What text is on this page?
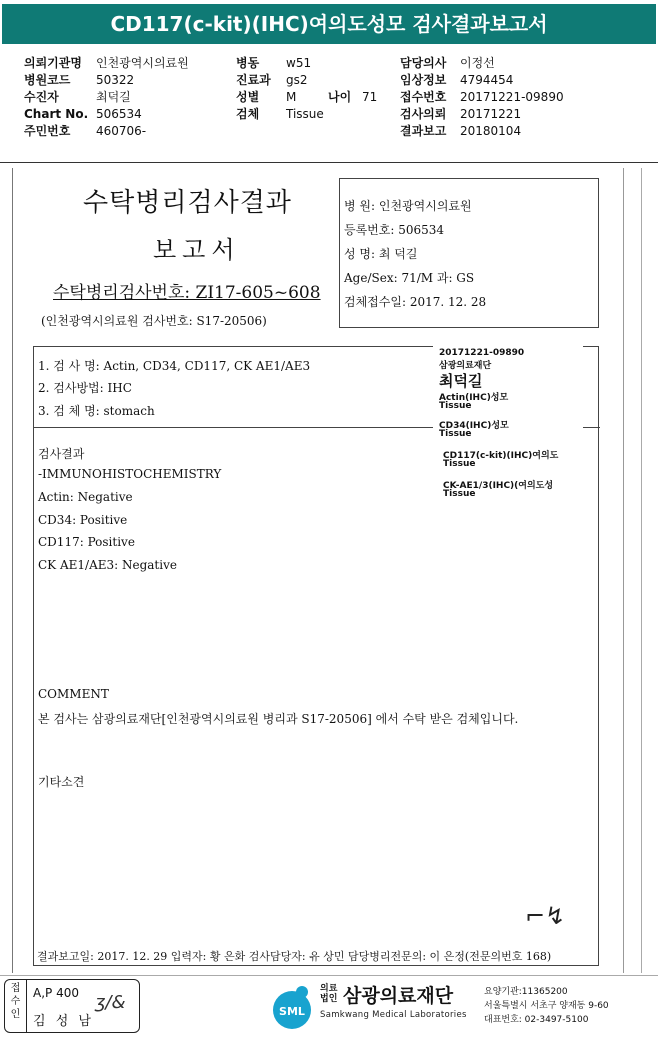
CD117(c-kit)(IHC)여의도성모 검사결과보고서
의뢰기관명 인천광역시의료원
병원코드 50322
수진자	최덕길
Chart No. 506534
주민번호 460706-
병동 w51
진료과 gs2
성별 M	나이 71
검체 Tissue
담당의사 이정선
임상정보 4794454
접수번호 20171221-09890
검사의뢰 20171221
결과보고 20180104
수탁병리검사결과
보고서
수탁병리검사번호: ZI17-605~608
(인천광역시의료원 검사번호: S17-20506)
병 원: 인천광역시의료원
등록번호: 506534
성 명: 최 덕길
Age/Sex: 71/M 과: GS
검체접수일: 2017. 12. 28
1. 검 사 명: Actin, CD34, CD117, CK AE1/AE3
2. 검사방법: IHC
3. 검 체 명: stomach
검사결과
-IMMUNOHISTOCHEMISTRY
Actin: Negative
CD34: Positive
CD117: Positive
CK AE1/AE3: Negative
COMMENT
본 검사는 삼광의료재단[인천광역시의료원 병리과 S17-20506] 에서 수탁 받은 검체입니다.
기타소견
⌐↯
결과보고일: 2017. 12. 29 입력자: 황 은화 검사담당자: 유 상민 담당병리전문의: 이 은정(전문의번호 168)
20171221-09890
삼광의료재단
최덕길
Actin(IHC)성모
Tissue
CD34(IHC)성모
Tissue
CD117(c-kit)(IHC)여의도
Tissue
CK-AE1/3(IHC)(여의도성
Tissue
접 수 인
A,P 400
김 성 남
ʒ/&	SML
의료
법인 삼광의료재단
Samkwang Medical Laboratories
요양기관:11365200
서울특별시 서초구 양재동 9-60
대표번호: 02-3497-5100
